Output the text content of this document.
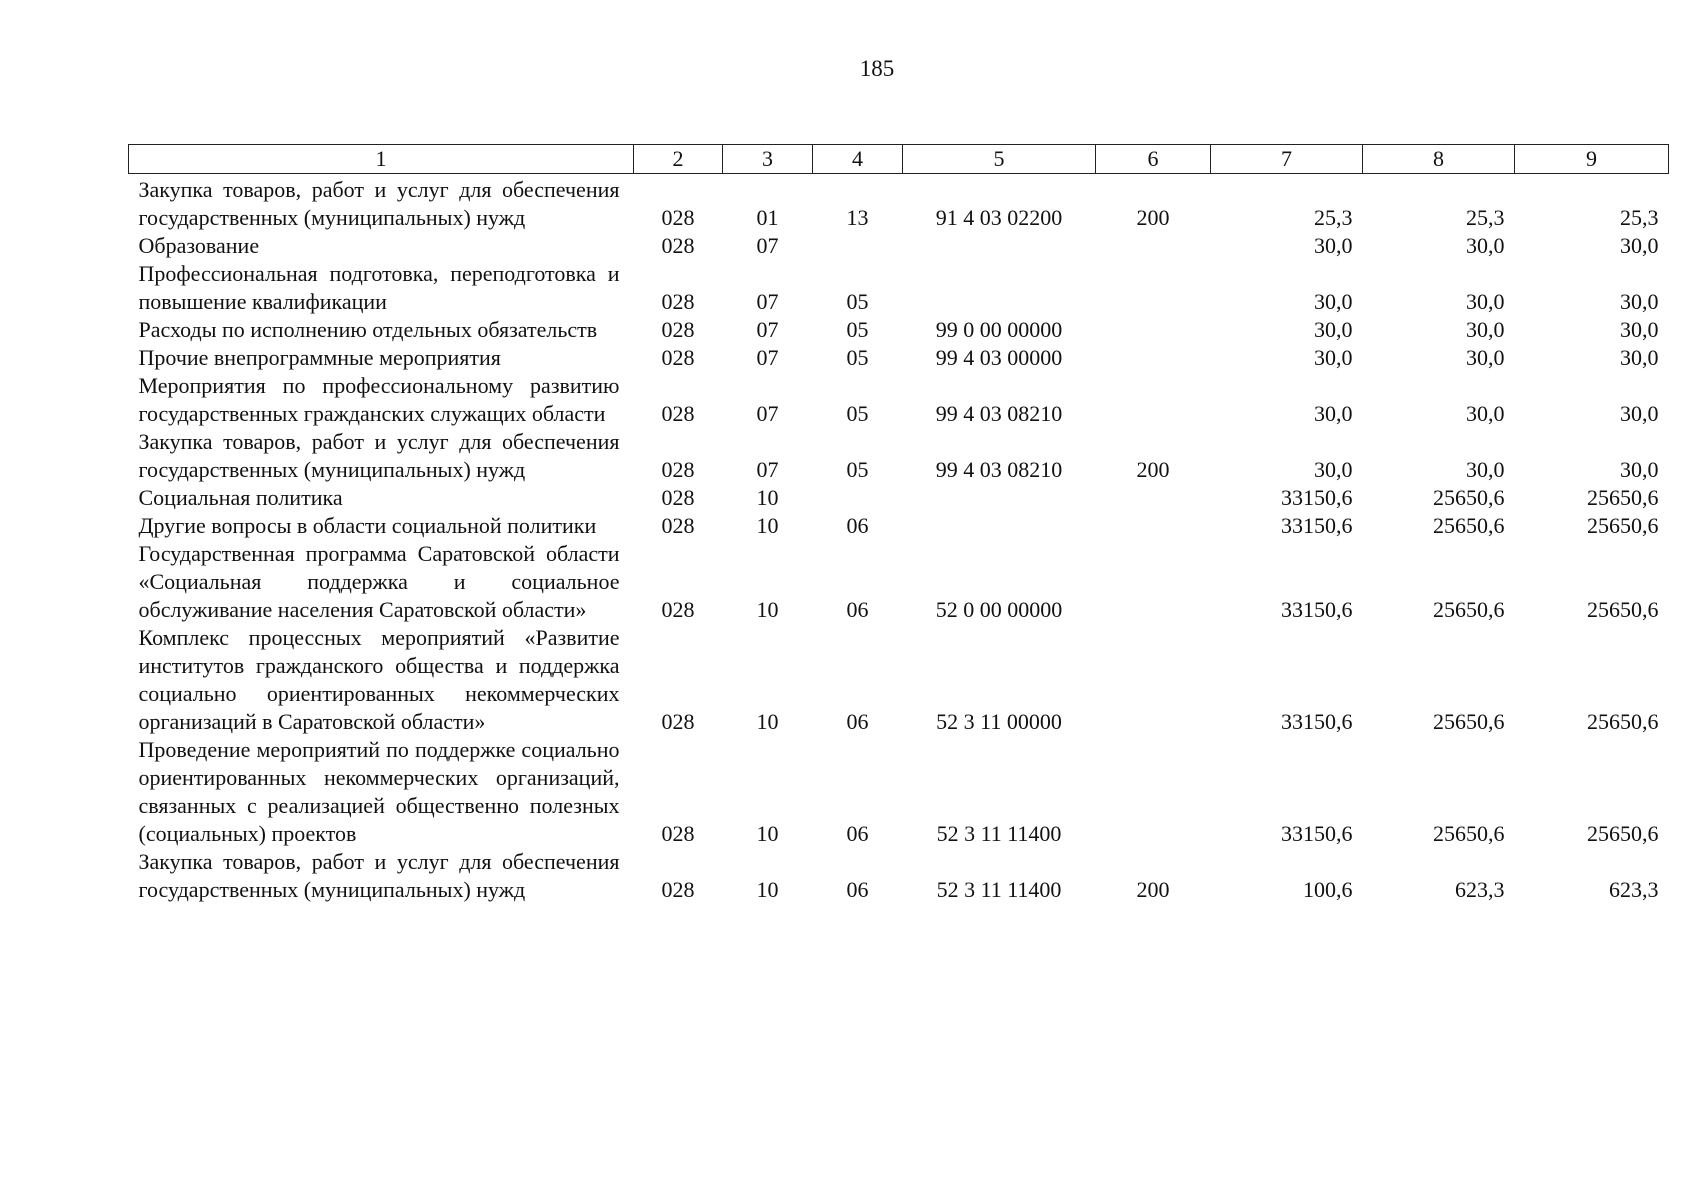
185
1	2	3	4	5	6	7	8	9
Закупка товаров, работ и услуг для обеспечения государственных (муниципальных) нужд	028	01	13	91 4 03 02200	200	25,3	25,3	25,3
Образование	028	07				30,0	30,0	30,0
Профессиональная подготовка, переподготовка и повышение квалификации	028	07	05			30,0	30,0	30,0
Расходы по исполнению отдельных обязательств	028	07	05	99 0 00 00000		30,0	30,0	30,0
Прочие внепрограммные мероприятия	028	07	05	99 4 03 00000		30,0	30,0	30,0
Мероприятия по профессиональному развитию государственных гражданских служащих области	028	07	05	99 4 03 08210		30,0	30,0	30,0
Закупка товаров, работ и услуг для обеспечения государственных (муниципальных) нужд	028	07	05	99 4 03 08210	200	30,0	30,0	30,0
Социальная политика	028	10				33150,6	25650,6	25650,6
Другие вопросы в области социальной политики	028	10	06			33150,6	25650,6	25650,6
Государственная программа Саратовской области «Социальная поддержка и социальное обслуживание населения Саратовской области»	028	10	06	52 0 00 00000		33150,6	25650,6	25650,6
Комплекс процессных мероприятий «Развитие институтов гражданского общества и поддержка социально ориентированных некоммерческих организаций в Саратовской области»	028	10	06	52 3 11 00000		33150,6	25650,6	25650,6
Проведение мероприятий по поддержке социально ориентированных некоммерческих организаций, связанных с реализацией общественно полезных (социальных) проектов	028	10	06	52 3 11 11400		33150,6	25650,6	25650,6
Закупка товаров, работ и услуг для обеспечения государственных (муниципальных) нужд	028	10	06	52 3 11 11400	200	100,6	623,3	623,3
